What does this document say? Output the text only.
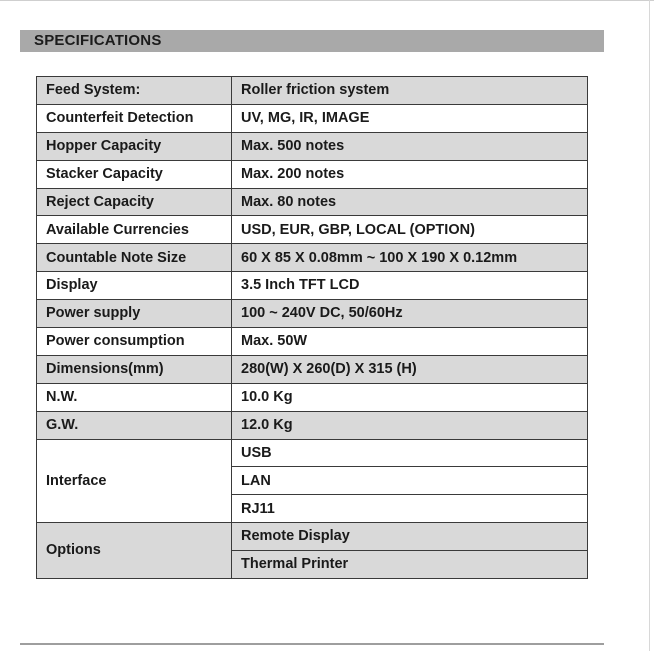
SPECIFICATIONS
Feed System:	Roller friction system
Counterfeit Detection	UV, MG, IR, IMAGE
Hopper Capacity	Max. 500 notes
Stacker Capacity	Max. 200 notes
Reject Capacity	Max. 80 notes
Available Currencies	USD, EUR, GBP, LOCAL (OPTION)
Countable Note Size	60 X 85 X 0.08mm ~ 100 X 190 X 0.12mm
Display	3.5 Inch TFT LCD
Power supply	100 ~ 240V DC, 50/60Hz
Power consumption	Max. 50W
Dimensions(mm)	280(W) X 260(D) X 315 (H)
N.W.	10.0 Kg
G.W.	12.0 Kg
Interface	USB
	LAN
	RJ11
Options	Remote Display
	Thermal Printer
